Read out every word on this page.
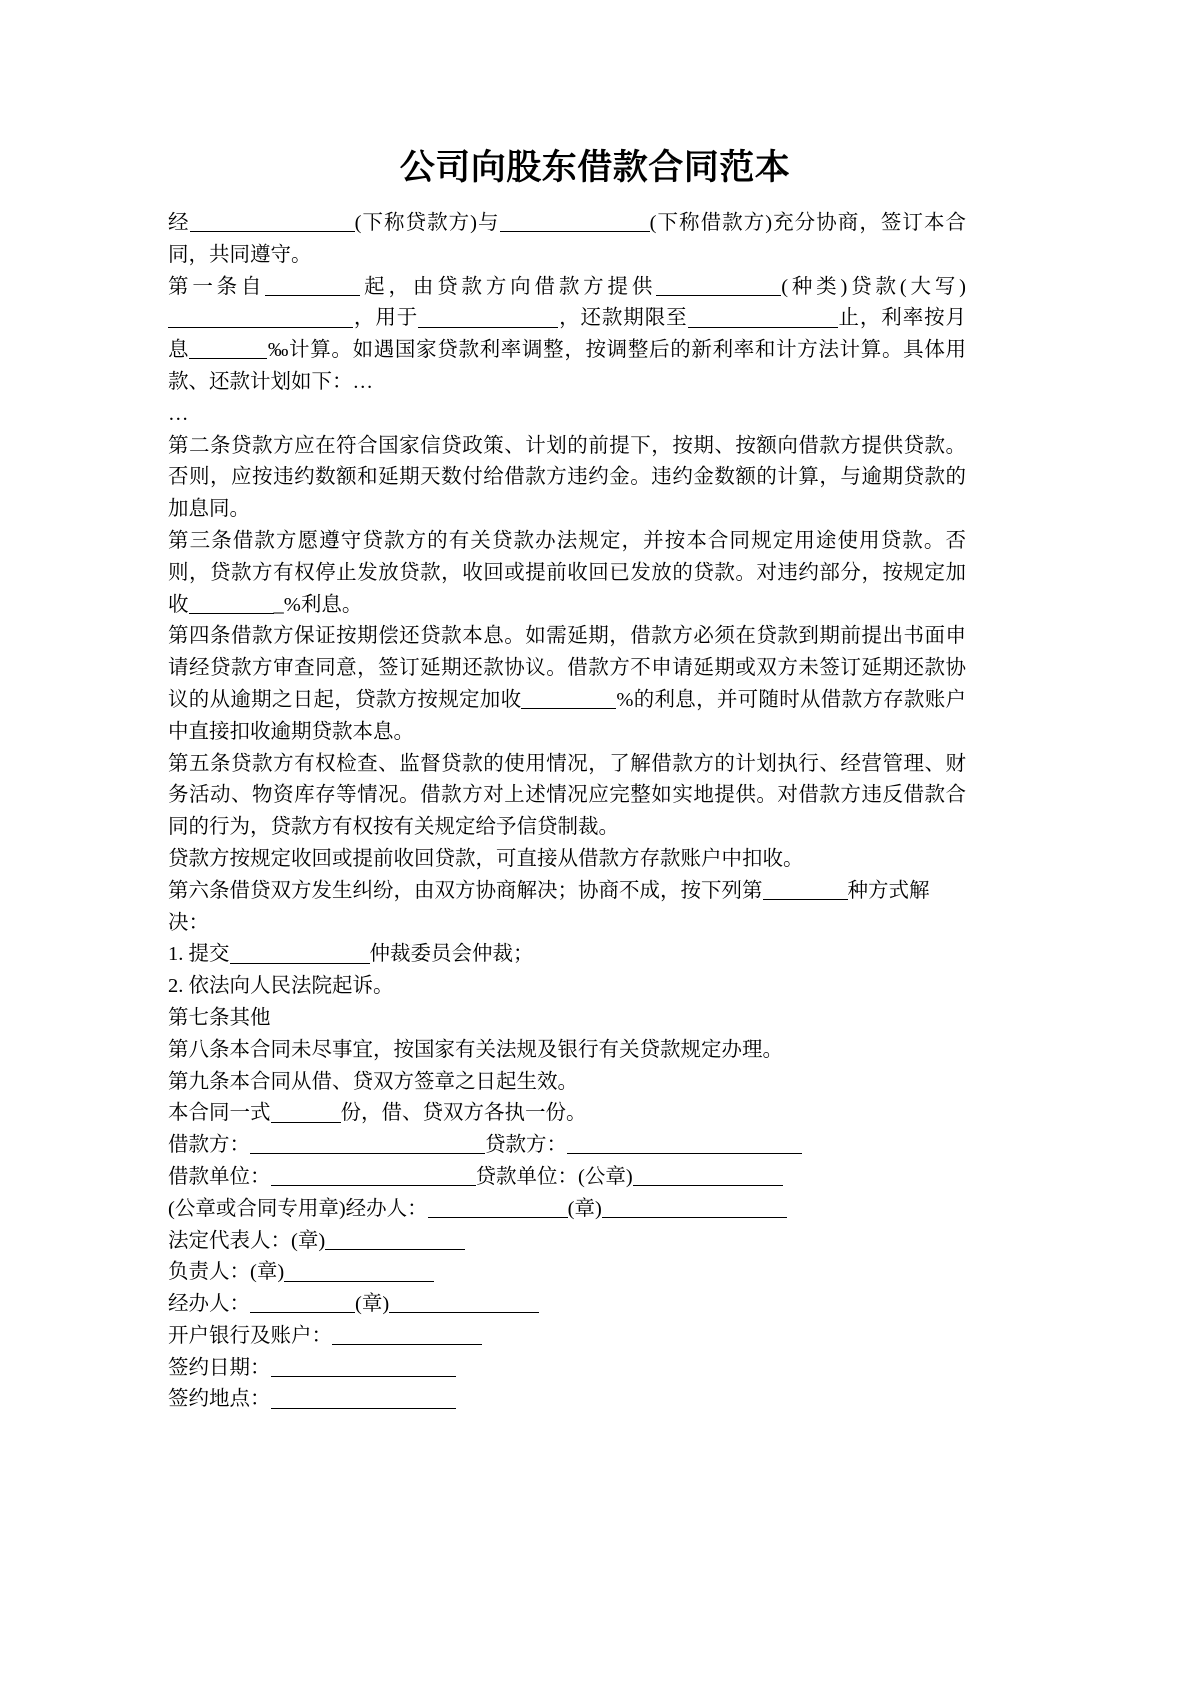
公司向股东借款合同范本

经	(下称贷款方)与	(下称借款方)充分协商，签订本合同，共同遵守。

第一条自	起，由贷款方向借款方提供	(种类)贷款(大写)，用于	，还款期限至	止，利率按月息	‰计算。如遇国家贷款利率调整，按调整后的新利率和计方法计算。具体用款、还款计划如下：…

…

第二条贷款方应在符合国家信贷政策、计划的前提下，按期、按额向借款方提供贷款。否则，应按违约数额和延期天数付给借款方违约金。违约金数额的计算，与逾期贷款的加息同。

第三条借款方愿遵守贷款方的有关贷款办法规定，并按本合同规定用途使用贷款。否则，贷款方有权停止发放贷款，收回或提前收回已发放的贷款。对违约部分，按规定加收	_%利息。

第四条借款方保证按期偿还贷款本息。如需延期，借款方必须在贷款到期前提出书面申请经贷款方审查同意，签订延期还款协议。借款方不申请延期或双方未签订延期还款协议的从逾期之日起，贷款方按规定加收	%的利息，并可随时从借款方存款账户中直接扣收逾期贷款本息。

第五条贷款方有权检查、监督贷款的使用情况，了解借款方的计划执行、经营管理、财务活动、物资库存等情况。借款方对上述情况应完整如实地提供。对借款方违反借款合同的行为，贷款方有权按有关规定给予信贷制裁。

贷款方按规定收回或提前收回贷款，可直接从借款方存款账户中扣收。

第六条借贷双方发生纠纷，由双方协商解决；协商不成，按下列第	种方式解决：

1. 提交	仲裁委员会仲裁；

2. 依法向人民法院起诉。

第七条其他

第八条本合同未尽事宜，按国家有关法规及银行有关贷款规定办理。

第九条本合同从借、贷双方签章之日起生效。

本合同一式	份，借、贷双方各执一份。

借款方：	贷款方：

借款单位：	贷款单位：(公章)

(公章或合同专用章)经办人：	(章)

法定代表人：(章)

负责人：(章)

经办人：	(章)

开户银行及账户：

签约日期：

签约地点：
